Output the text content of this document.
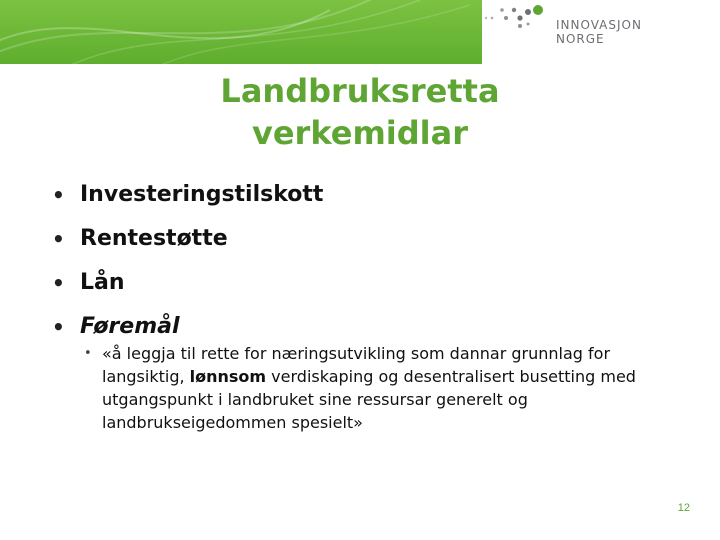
INNOVASJON
NORGE
Landbruksretta
verkemidlar
• Investeringstilskott
• Rentestøtte
• Lån
• Føremål
• «å leggja til rette for næringsutvikling som dannar grunnlag for langsiktig, lønnsom verdiskaping og desentralisert busetting med utgangspunkt i landbruket sine ressursar generelt og landbrukseigedommen spesielt»
12
